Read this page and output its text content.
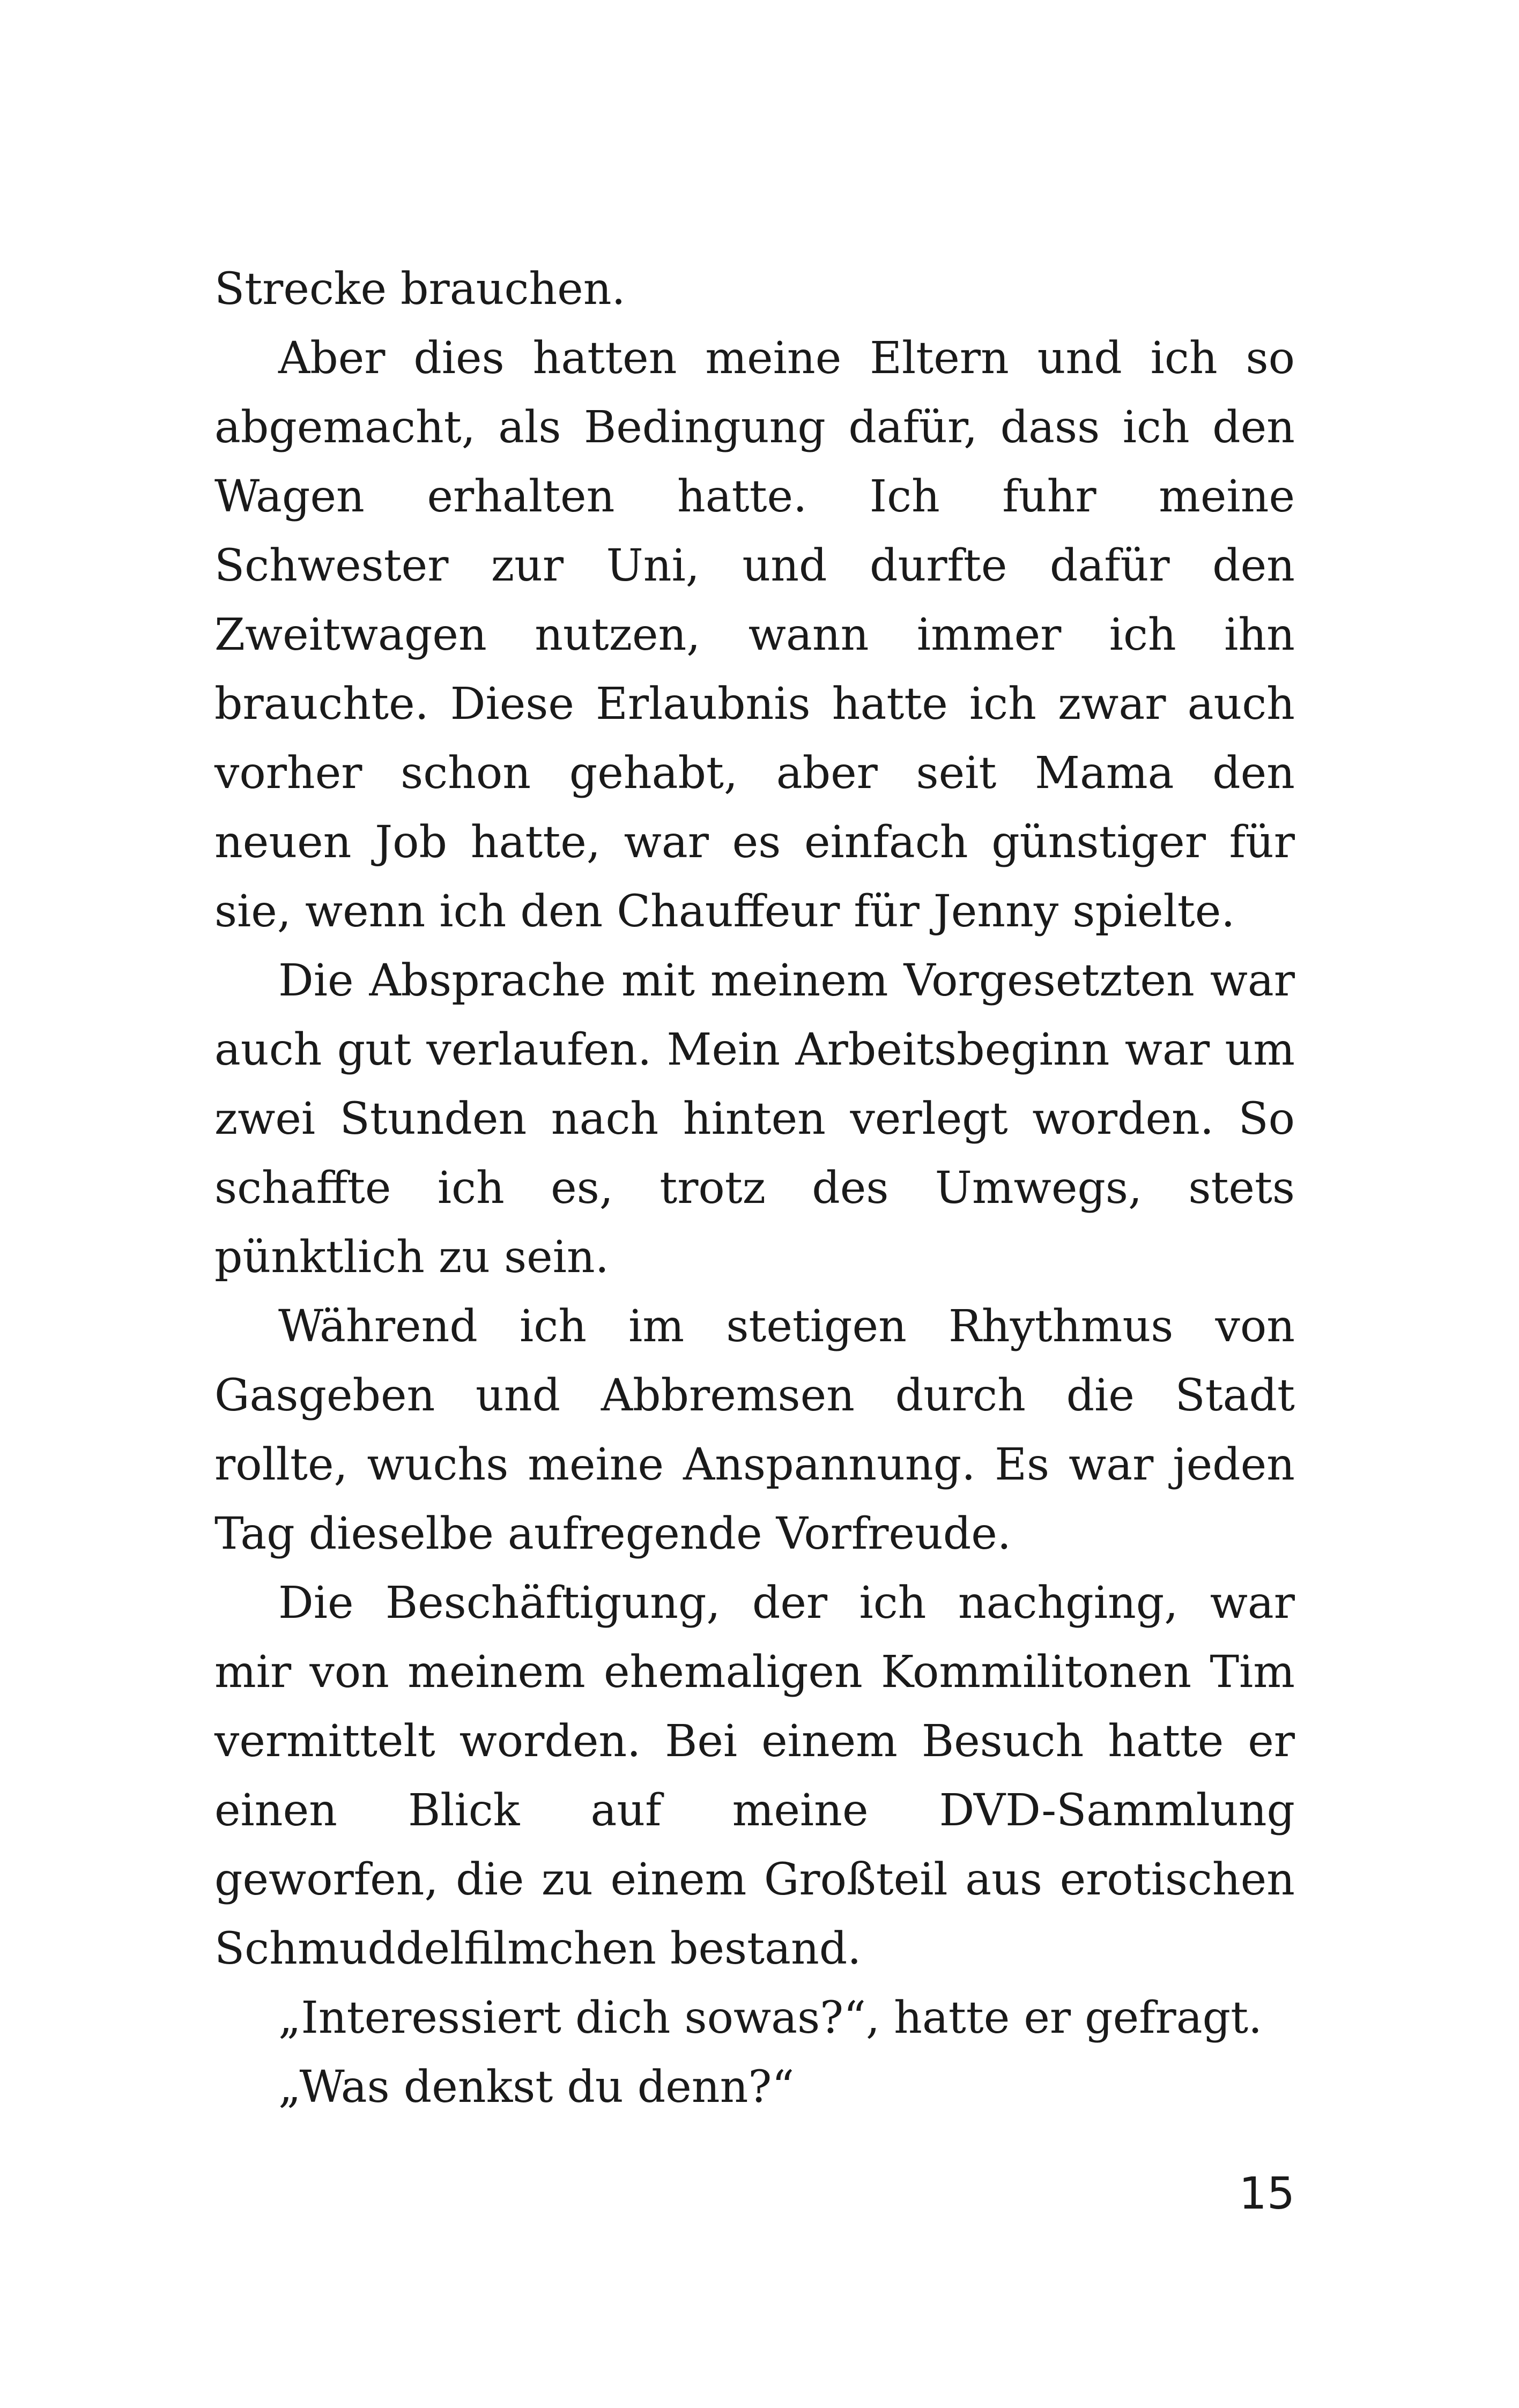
Strecke brauchen.

Aber dies hatten meine Eltern und ich so abgemacht, als Bedingung dafür, dass ich den Wagen erhalten hatte. Ich fuhr meine Schwester zur Uni, und durfte dafür den Zweitwagen nutzen, wann immer ich ihn brauchte. Diese Erlaubnis hatte ich zwar auch vorher schon gehabt, aber seit Mama den neuen Job hatte, war es einfach günstiger für sie, wenn ich den Chauffeur für Jenny spielte.

Die Absprache mit meinem Vorgesetzten war auch gut verlaufen. Mein Arbeitsbeginn war um zwei Stunden nach hinten verlegt worden. So schaffte ich es, trotz des Umwegs, stets pünktlich zu sein.

Während ich im stetigen Rhythmus von Gasgeben und Abbremsen durch die Stadt rollte, wuchs meine Anspannung. Es war jeden Tag dieselbe aufregende Vorfreude.

Die Beschäftigung, der ich nachging, war mir von meinem ehemaligen Kommilitonen Tim vermittelt worden. Bei einem Besuch hatte er einen Blick auf meine DVD-Sammlung geworfen, die zu einem Großteil aus erotischen Schmuddelfilmchen bestand.

„Interessiert dich sowas?“, hatte er gefragt.

„Was denkst du denn?“

15
